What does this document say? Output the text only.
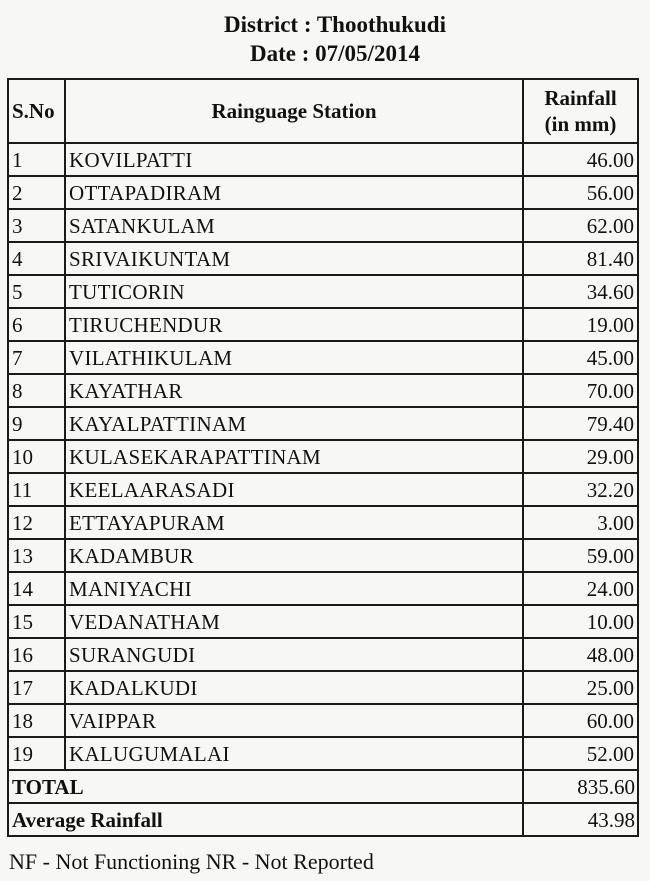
District : Thoothukudi
Date : 07/05/2014
S.No	Rainguage Station	Rainfall
(in mm)
1	KOVILPATTI	46.00
2	OTTAPADIRAM	56.00
3	SATANKULAM	62.00
4	SRIVAIKUNTAM	81.40
5	TUTICORIN	34.60
6	TIRUCHENDUR	19.00
7	VILATHIKULAM	45.00
8	KAYATHAR	70.00
9	KAYALPATTINAM	79.40
10	KULASEKARAPATTINAM	29.00
11	KEELAARASADI	32.20
12	ETTAYAPURAM	3.00
13	KADAMBUR	59.00
14	MANIYACHI	24.00
15	VEDANATHAM	10.00
16	SURANGUDI	48.00
17	KADALKUDI	25.00
18	VAIPPAR	60.00
19	KALUGUMALAI	52.00
TOTAL		835.60
Average Rainfall		43.98
NF - Not Functioning NR - Not Reported
